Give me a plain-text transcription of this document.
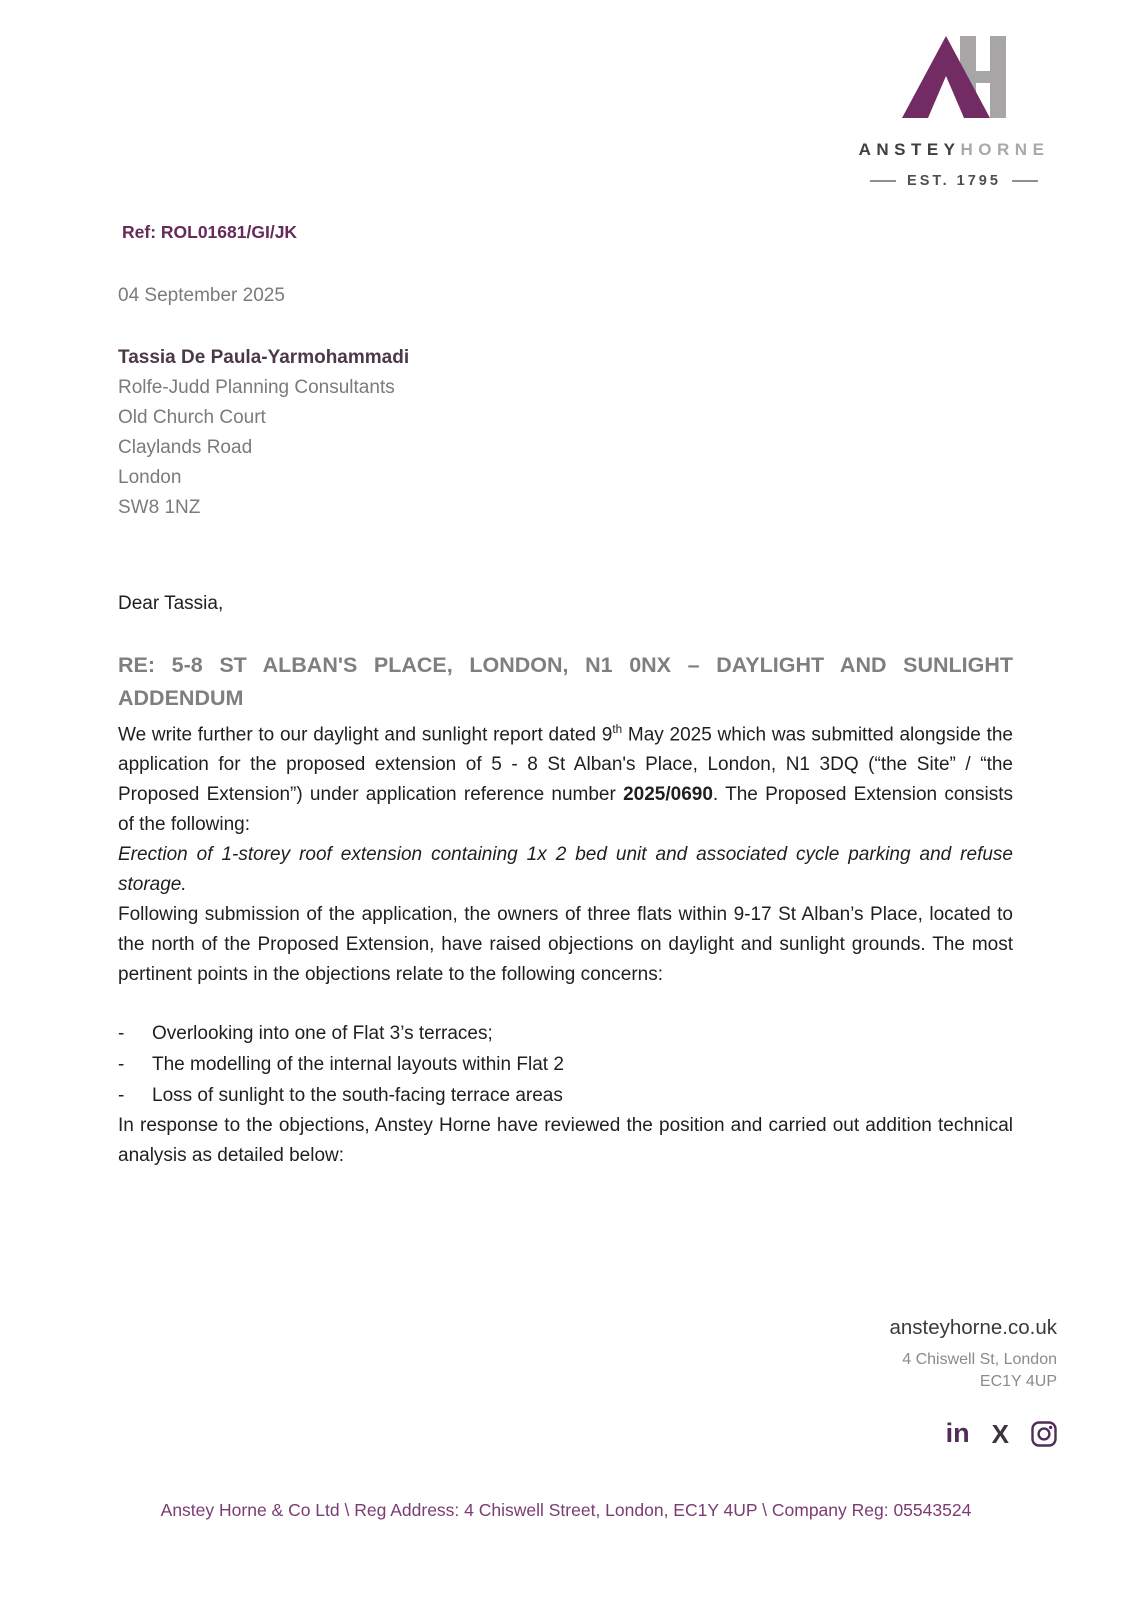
ANSTEYHORNE
EST. 1795
Ref: ROL01681/GI/JK
04 September 2025
Tassia De Paula-Yarmohammadi
Rolfe-Judd Planning Consultants
Old Church Court
Claylands Road
London
SW8 1NZ
Dear Tassia,
RE: 5-8 ST ALBAN'S PLACE, LONDON, N1 0NX – DAYLIGHT AND SUNLIGHT ADDENDUM

We write further to our daylight and sunlight report dated 9th May 2025 which was submitted alongside the application for the proposed extension of 5 - 8 St Alban's Place, London, N1 3DQ (“the Site” / “the Proposed Extension”) under application reference number 2025/0690. The Proposed Extension consists of the following:

Erection of 1-storey roof extension containing 1x 2 bed unit and associated cycle parking and refuse storage.

Following submission of the application, the owners of three flats within 9-17 St Alban’s Place, located to the north of the Proposed Extension, have raised objections on daylight and sunlight grounds. The most pertinent points in the objections relate to the following concerns:

-	Overlooking into one of Flat 3’s terraces;
-	The modelling of the internal layouts within Flat 2
-	Loss of sunlight to the south-facing terrace areas

In response to the objections, Anstey Horne have reviewed the position and carried out addition technical analysis as detailed below:

ansteyhorne.co.uk
4 Chiswell St, London
EC1Y 4UP
in X
Anstey Horne & Co Ltd \ Reg Address: 4 Chiswell Street, London, EC1Y 4UP \ Company Reg: 05543524
